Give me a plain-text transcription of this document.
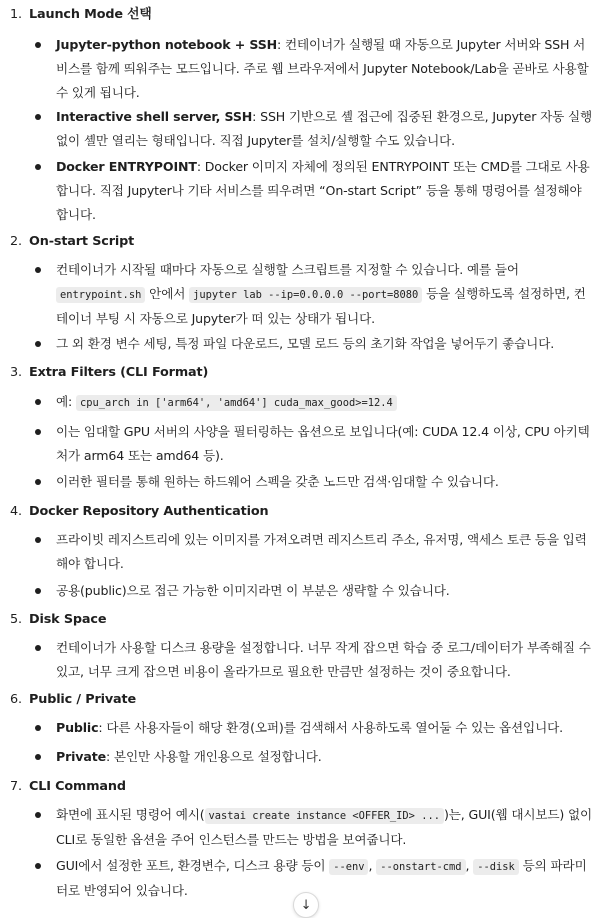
1. Launch Mode 선택
Jupyter-python notebook + SSH: 컨테이너가 실행될 때 자동으로 Jupyter 서버와 SSH 서비스를 함께 띄워주는 모드입니다. 주로 웹 브라우저에서 Jupyter Notebook/Lab을 곧바로 사용할 수 있게 됩니다.
Interactive shell server, SSH: SSH 기반으로 셸 접근에 집중된 환경으로, Jupyter 자동 실행 없이 셸만 열리는 형태입니다. 직접 Jupyter를 설치/실행할 수도 있습니다.
Docker ENTRYPOINT: Docker 이미지 자체에 정의된 ENTRYPOINT 또는 CMD를 그대로 사용합니다. 직접 Jupyter나 기타 서비스를 띄우려면 “On-start Script” 등을 통해 명령어를 설정해야 합니다.
2. On-start Script
컨테이너가 시작될 때마다 자동으로 실행할 스크립트를 지정할 수 있습니다. 예를 들어 entrypoint.sh 안에서 jupyter lab --ip=0.0.0.0 --port=8080 등을 실행하도록 설정하면, 컨테이너 부팅 시 자동으로 Jupyter가 떠 있는 상태가 됩니다.
그 외 환경 변수 세팅, 특정 파일 다운로드, 모델 로드 등의 초기화 작업을 넣어두기 좋습니다.
3. Extra Filters (CLI Format)
예: cpu_arch in ['arm64', 'amd64'] cuda_max_good>=12.4
이는 임대할 GPU 서버의 사양을 필터링하는 옵션으로 보입니다(예: CUDA 12.4 이상, CPU 아키텍처가 arm64 또는 amd64 등).
이러한 필터를 통해 원하는 하드웨어 스펙을 갖춘 노드만 검색·임대할 수 있습니다.
4. Docker Repository Authentication
프라이빗 레지스트리에 있는 이미지를 가져오려면 레지스트리 주소, 유저명, 액세스 토큰 등을 입력해야 합니다.
공용(public)으로 접근 가능한 이미지라면 이 부분은 생략할 수 있습니다.
5. Disk Space
컨테이너가 사용할 디스크 용량을 설정합니다. 너무 작게 잡으면 학습 중 로그/데이터가 부족해질 수 있고, 너무 크게 잡으면 비용이 올라가므로 필요한 만큼만 설정하는 것이 중요합니다.
6. Public / Private
Public: 다른 사용자들이 해당 환경(오퍼)를 검색해서 사용하도록 열어둘 수 있는 옵션입니다.
Private: 본인만 사용할 개인용으로 설정합니다.
7. CLI Command
화면에 표시된 명령어 예시( vastai create instance <OFFER_ID> ... )는, GUI(웹 대시보드) 없이 CLI로 동일한 옵션을 주어 인스턴스를 만드는 방법을 보여줍니다.
GUI에서 설정한 포트, 환경변수, 디스크 용량 등이 --env , --onstart-cmd , --disk 등의 파라미터로 반영되어 있습니다.
↓
